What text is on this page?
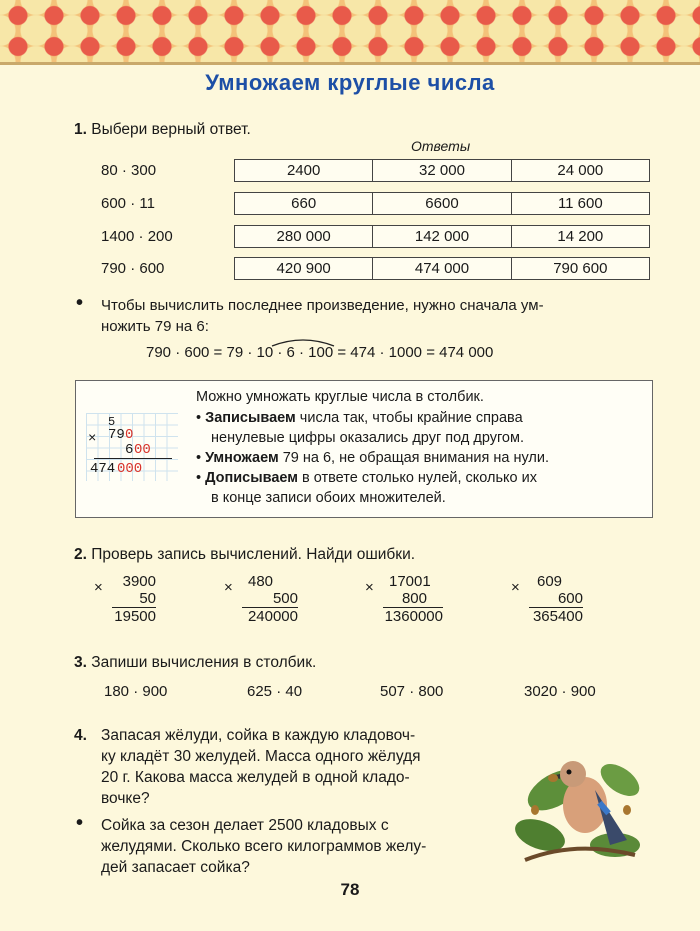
Умножаем круглые числа
1. Выбери верный ответ.
Ответы
80 · 300	2400	32 000	24 000
600 · 11	660	6600	11 600
1400 · 200	280 000	142 000	14 200
790 · 600	420 900	474 000	790 600
• Чтобы вычислить последнее произведение, нужно сначала ум-
ножить 79 на 6:
790 · 600 = 79 · 10 · 6 · 100 = 474 · 1000 = 474 000
5
× 79 0
6 00
474 000
Можно умножать круглые числа в столбик.
• Записываем числа так, чтобы крайние справа
ненулевые цифры оказались друг под другом.
• Умножаем 79 на 6, не обращая внимания на нули.
• Дописываем в ответе столько нулей, сколько их
в конце записи обоих множителей.
2. Проверь запись вычислений. Найди ошибки.
×	3900
50
19500
×	480
500
240000
×	17001
800
1360000
×	609
600
365400
3. Запиши вычисления в столбик.
180 · 900	625 · 40	507 · 800	3020 · 900
4. Запасая жёлуди, сойка в каждую кладовоч-
ку кладёт 30 желудей. Масса одного жёлудя
20 г. Какова масса желудей в одной кладо-
вочке?
• Сойка за сезон делает 2500 кладовых с
желудями. Сколько всего килограммов желу-
дей запасает сойка?
78
